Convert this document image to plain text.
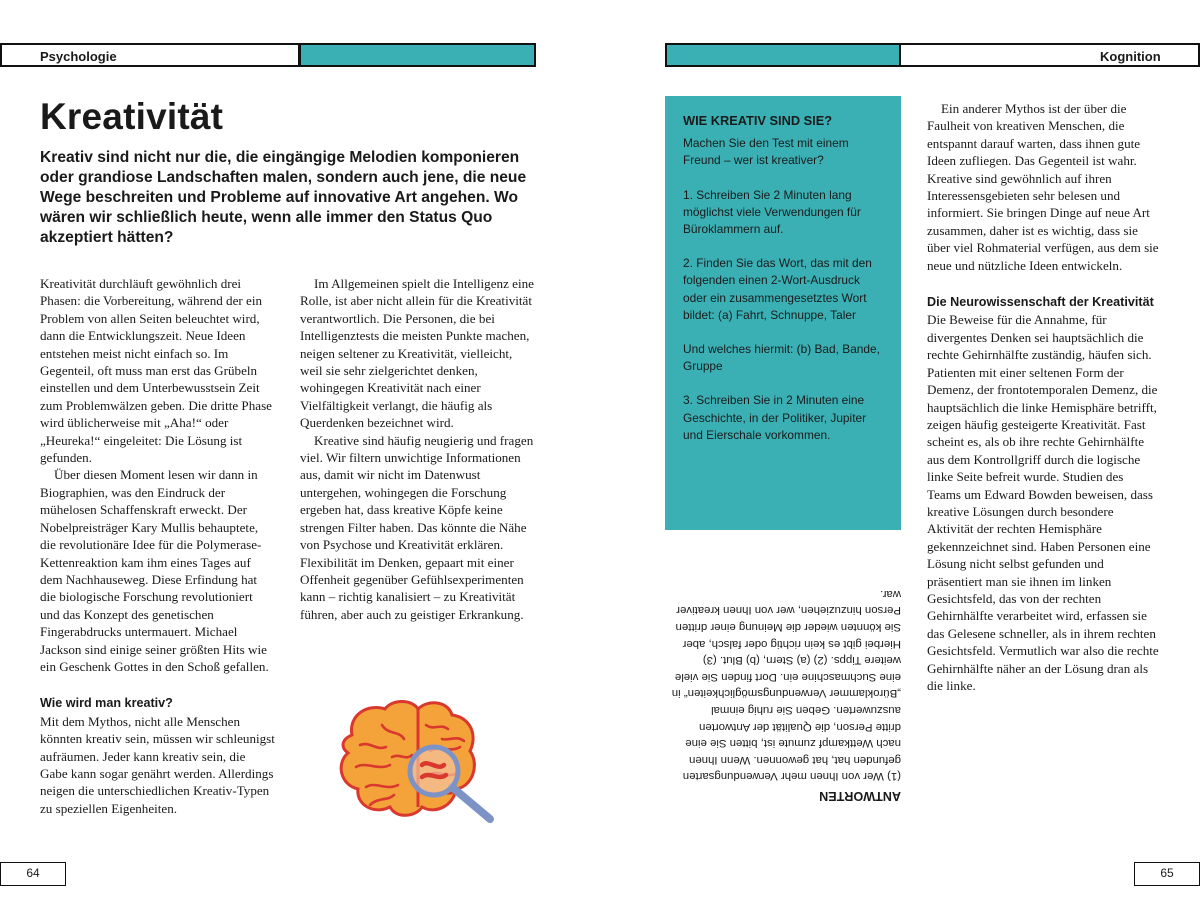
Psychologie
Kreativität
Kreativ sind nicht nur die, die eingängige Melodien komponieren oder grandiose Landschaften malen, sondern auch jene, die neue Wege beschreiten und Probleme auf innovative Art angehen. Wo wären wir schließlich heute, wenn alle immer den Status Quo akzeptiert hätten?

Kreativität durchläuft gewöhnlich drei Phasen: die Vorbereitung, während der ein Problem von allen Seiten beleuchtet wird, dann die Entwicklungszeit. Neue Ideen entstehen meist nicht einfach so. Im Gegenteil, oft muss man erst das Grübeln einstellen und dem Unterbewusstsein Zeit zum Problemwälzen geben. Die dritte Phase wird üblicherweise mit „Aha!“ oder „Heureka!“ eingeleitet: Die Lösung ist gefunden.

Über diesen Moment lesen wir dann in Biographien, was den Eindruck der mühelosen Schaffenskraft erweckt. Der Nobelpreisträger Kary Mullis behauptete, die revolutionäre Idee für die Polymerase-Kettenreaktion kam ihm eines Tages auf dem Nachhauseweg. Diese Erfindung hat die biologische Forschung revolutioniert und das Konzept des genetischen Fingerabdrucks untermauert. Michael Jackson sind einige seiner größten Hits wie ein Geschenk Gottes in den Schoß gefallen.

Wie wird man kreativ?

Mit dem Mythos, nicht alle Menschen könnten kreativ sein, müssen wir schleunigst aufräumen. Jeder kann kreativ sein, die Gabe kann sogar genährt werden. Allerdings neigen die unterschiedlichen Kreativ-Typen zu speziellen Eigenheiten.

Im Allgemeinen spielt die Intelligenz eine Rolle, ist aber nicht allein für die Kreativität verantwortlich. Die Personen, die bei Intelligenztests die meisten Punkte machen, neigen seltener zu Kreativität, vielleicht, weil sie sehr zielgerichtet denken, wohingegen Kreativität nach einer Vielfältigkeit verlangt, die häufig als Querdenken bezeichnet wird.

Kreative sind häufig neugierig und fragen viel. Wir filtern unwichtige Informationen aus, damit wir nicht im Datenwust untergehen, wohingegen die Forschung ergeben hat, dass kreative Köpfe keine strengen Filter haben. Das könnte die Nähe von Psychose und Kreativität erklären. Flexibilität im Denken, gepaart mit einer Offenheit gegenüber Gefühlsexperimenten kann – richtig kanalisiert – zu Kreativität führen, aber auch zu geistiger Erkrankung.

64
Kognition
WIE KREATIV SIND SIE?

Machen Sie den Test mit einem Freund – wer ist kreativer?

1. Schreiben Sie 2 Minuten lang möglichst viele Verwendungen für Büroklammern auf.

2. Finden Sie das Wort, das mit den folgenden einen 2-Wort-Ausdruck oder ein zusammengesetztes Wort bildet: (a) Fahrt, Schnuppe, Taler

Und welches hiermit: (b) Bad, Bande, Gruppe

3. Schreiben Sie in 2 Minuten eine Geschichte, in der Politiker, Jupiter und Eierschale vorkommen.

ANTWORTEN

(1) Wer von Ihnen mehr Verwendungsarten gefunden hat, hat gewonnen. Wenn Ihnen nach Wettkampf zumute ist, bitten Sie eine dritte Person, die Qualität der Antworten auszuwerten. Geben Sie ruhig einmal „Büroklammer Verwendungsmöglichkeiten“ in eine Suchmaschine ein. Dort finden Sie viele weitere Tipps. (2) (a) Stern, (b) Blut. (3) Hierbei gibt es kein richtig oder falsch, aber Sie könnten wieder die Meinung einer dritten Person hinzuziehen, wer von Ihnen kreativer war.

Ein anderer Mythos ist der über die Faulheit von kreativen Menschen, die entspannt darauf warten, dass ihnen gute Ideen zufliegen. Das Gegenteil ist wahr. Kreative sind gewöhnlich auf ihren Interessensgebieten sehr belesen und informiert. Sie bringen Dinge auf neue Art zusammen, daher ist es wichtig, dass sie über viel Rohmaterial verfügen, aus dem sie neue und nützliche Ideen entwickeln.

Die Neurowissenschaft der Kreativität

Die Beweise für die Annahme, für divergentes Denken sei hauptsächlich die rechte Gehirnhälfte zuständig, häufen sich. Patienten mit einer seltenen Form der Demenz, der frontotemporalen Demenz, die hauptsächlich die linke Hemisphäre betrifft, zeigen häufig gesteigerte Kreativität. Fast scheint es, als ob ihre rechte Gehirnhälfte aus dem Kontrollgriff durch die logische linke Seite befreit wurde. Studien des Teams um Edward Bowden beweisen, dass kreative Lösungen durch besondere Aktivität der rechten Hemisphäre gekennzeichnet sind. Haben Personen eine Lösung nicht selbst gefunden und präsentiert man sie ihnen im linken Gesichtsfeld, das von der rechten Gehirnhälfte verarbeitet wird, erfassen sie das Gelesene schneller, als in ihrem rechten Gesichtsfeld. Vermutlich war also die rechte Gehirnhälfte näher an der Lösung dran als die linke.

65
